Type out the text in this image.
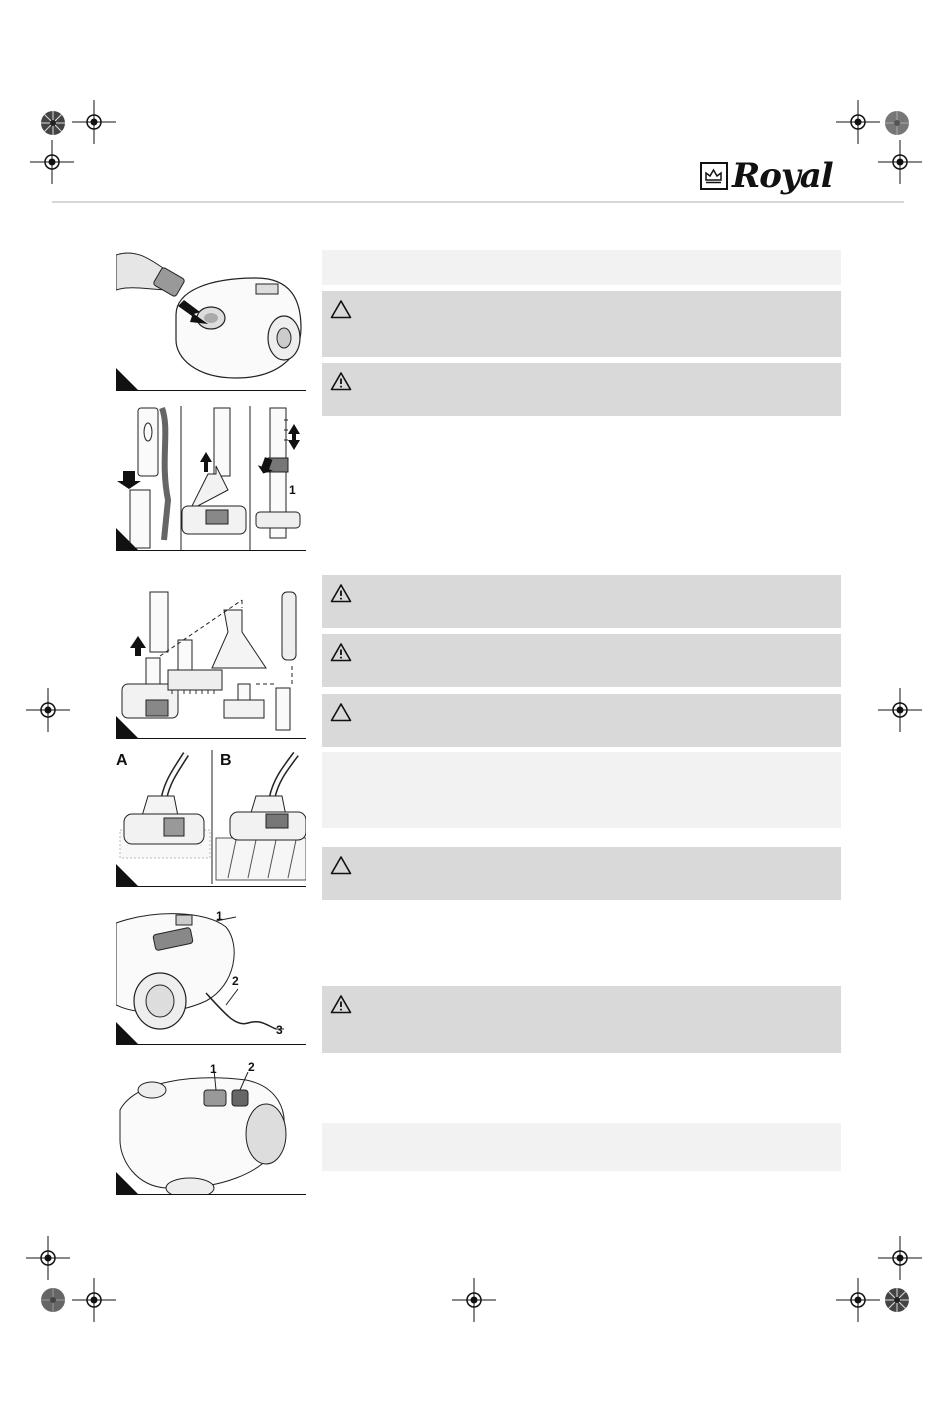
Royal
1
A	B
1
2
3
1	2
